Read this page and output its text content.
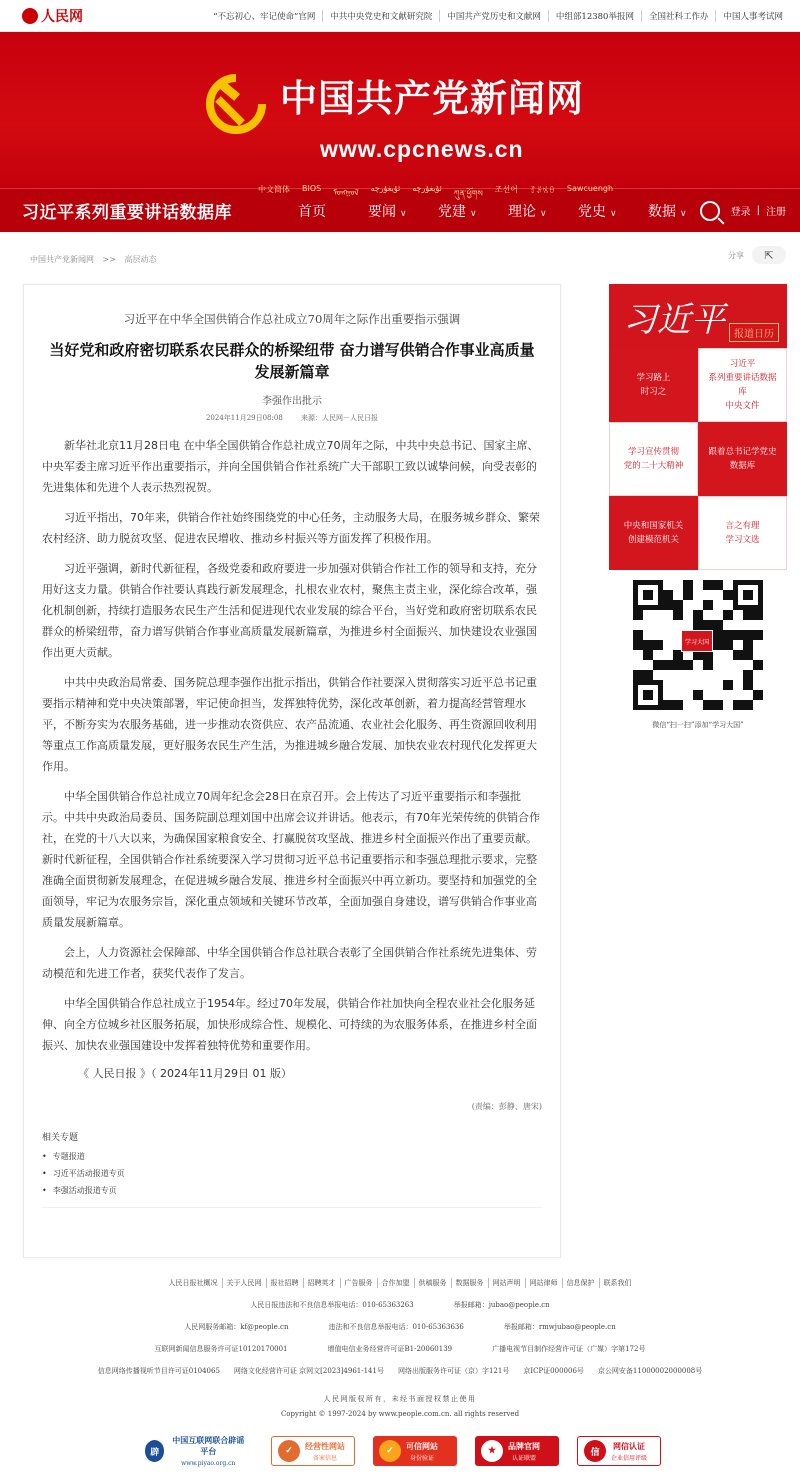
人民网	“不忘初心、牢记使命”官网	中共中央党史和文献研究院	中国共产党历史和文献网	中组部12380举报网	全国社科工作办	中国人事考试网
中国共产党新闻网
www.cpcnews.cn
中文简体 BIOS ᠮᠣᠩᠭᠣᠯ ئۇيغۇرچە ئۇيغۇرچە
ཀུན་ཕྱོགས 조선어 ꆈꌠꁱꂷ Sawcuengh
习近平系列重要讲话数据库	首页	要闻 ∨	党建 ∨	理论 ∨	党史 ∨	数据 ∨	登录 | 注册
中国共产党新闻网 >> 高层动态	分享 ⇱
习近平在中华全国供销合作总社成立70周年之际作出重要指示强调
当好党和政府密切联系农民群众的桥梁纽带 奋力谱写供销合作事业高质量发展新篇章
李强作出批示
2024年11月29日08:08	来源：人民网－人民日报

新华社北京11月28日电 在中华全国供销合作总社成立70周年之际，中共中央总书记、国家主席、中央军委主席习近平作出重要指示，并向全国供销合作社系统广大干部职工致以诚挚问候，向受表彰的先进集体和先进个人表示热烈祝贺。

习近平指出，70年来，供销合作社始终围绕党的中心任务，主动服务大局，在服务城乡群众、繁荣农村经济、助力脱贫攻坚、促进农民增收、推动乡村振兴等方面发挥了积极作用。

习近平强调，新时代新征程，各级党委和政府要进一步加强对供销合作社工作的领导和支持，充分用好这支力量。供销合作社要认真践行新发展理念，扎根农业农村，聚焦主责主业，深化综合改革，强化机制创新，持续打造服务农民生产生活和促进现代农业发展的综合平台，当好党和政府密切联系农民群众的桥梁纽带，奋力谱写供销合作事业高质量发展新篇章，为推进乡村全面振兴、加快建设农业强国作出更大贡献。

中共中央政治局常委、国务院总理李强作出批示指出，供销合作社要深入贯彻落实习近平总书记重要指示精神和党中央决策部署，牢记使命担当，发挥独特优势，深化改革创新，着力提高经营管理水平，不断夯实为农服务基础，进一步推动农资供应、农产品流通、农业社会化服务、再生资源回收利用等重点工作高质量发展，更好服务农民生产生活，为推进城乡融合发展、加快农业农村现代化发挥更大作用。

中华全国供销合作总社成立70周年纪念会28日在京召开。会上传达了习近平重要指示和李强批示。中共中央政治局委员、国务院副总理刘国中出席会议并讲话。他表示，有70年光荣传统的供销合作社，在党的十八大以来，为确保国家粮食安全、打赢脱贫攻坚战、推进乡村全面振兴作出了重要贡献。新时代新征程，全国供销合作社系统要深入学习贯彻习近平总书记重要指示和李强总理批示要求，完整准确全面贯彻新发展理念，在促进城乡融合发展、推进乡村全面振兴中再立新功。要坚持和加强党的全面领导，牢记为农服务宗旨，深化重点领域和关键环节改革，全面加强自身建设，谱写供销合作事业高质量发展新篇章。

会上，人力资源社会保障部、中华全国供销合作总社联合表彰了全国供销合作社系统先进集体、劳动模范和先进工作者，获奖代表作了发言。

中华全国供销合作总社成立于1954年。经过70年发展，供销合作社加快向全程农业社会化服务延伸、向全方位城乡社区服务拓展，加快形成综合性、规模化、可持续的为农服务体系，在推进乡村全面振兴、加快农业强国建设中发挥着独特优势和重要作用。

《 人民日报 》（ 2024年11月29日 01 版）
(责编：彭静、唐宋)
相关专题
• 专题报道
• 习近平活动报道专页
• 李强活动报道专页
习近平 报道日历
学习路上
时习之
习近平
系列重要讲话数据库
中央文件
学习宣传贯彻
党的二十大精神
跟着总书记学党史
数据库
中央和国家机关
创建模范机关
言之有理
学习文选
学习大国
微信“扫一扫”添加“学习大国”
人民日报社概况	关于人民网	报社招聘	招聘英才	广告服务	合作加盟	供稿服务	数据服务	网站声明	网站律师	信息保护	联系我们
人民日报违法和不良信息举报电话：010-65363263	举报邮箱：jubao@people.cn
人民网服务邮箱：kf@people.cn	违法和不良信息举报电话：010-65363636	举报邮箱：rmwjubao@people.cn
互联网新闻信息服务许可证10120170001	增值电信业务经营许可证B1-20060139	广播电视节目制作经营许可证（广媒）字第172号
信息网络传播视听节目许可证0104065 网络文化经营许可证 京网文[2023]4961-141号 网络出版服务许可证（京）字121号 京ICP证000006号 京公网安备11000002000008号
人民网版权所有，未经书面授权禁止使用
Copyright © 1997-2024 by www.people.com.cn. all rights reserved
辟
中国互联网联合辟谣平台
www.piyao.org.cn
✓
经营性网站
备案信息
✓
可信网站
身份验证
★
品牌官网
认证联盟
信
网信认证
企业信用评级
